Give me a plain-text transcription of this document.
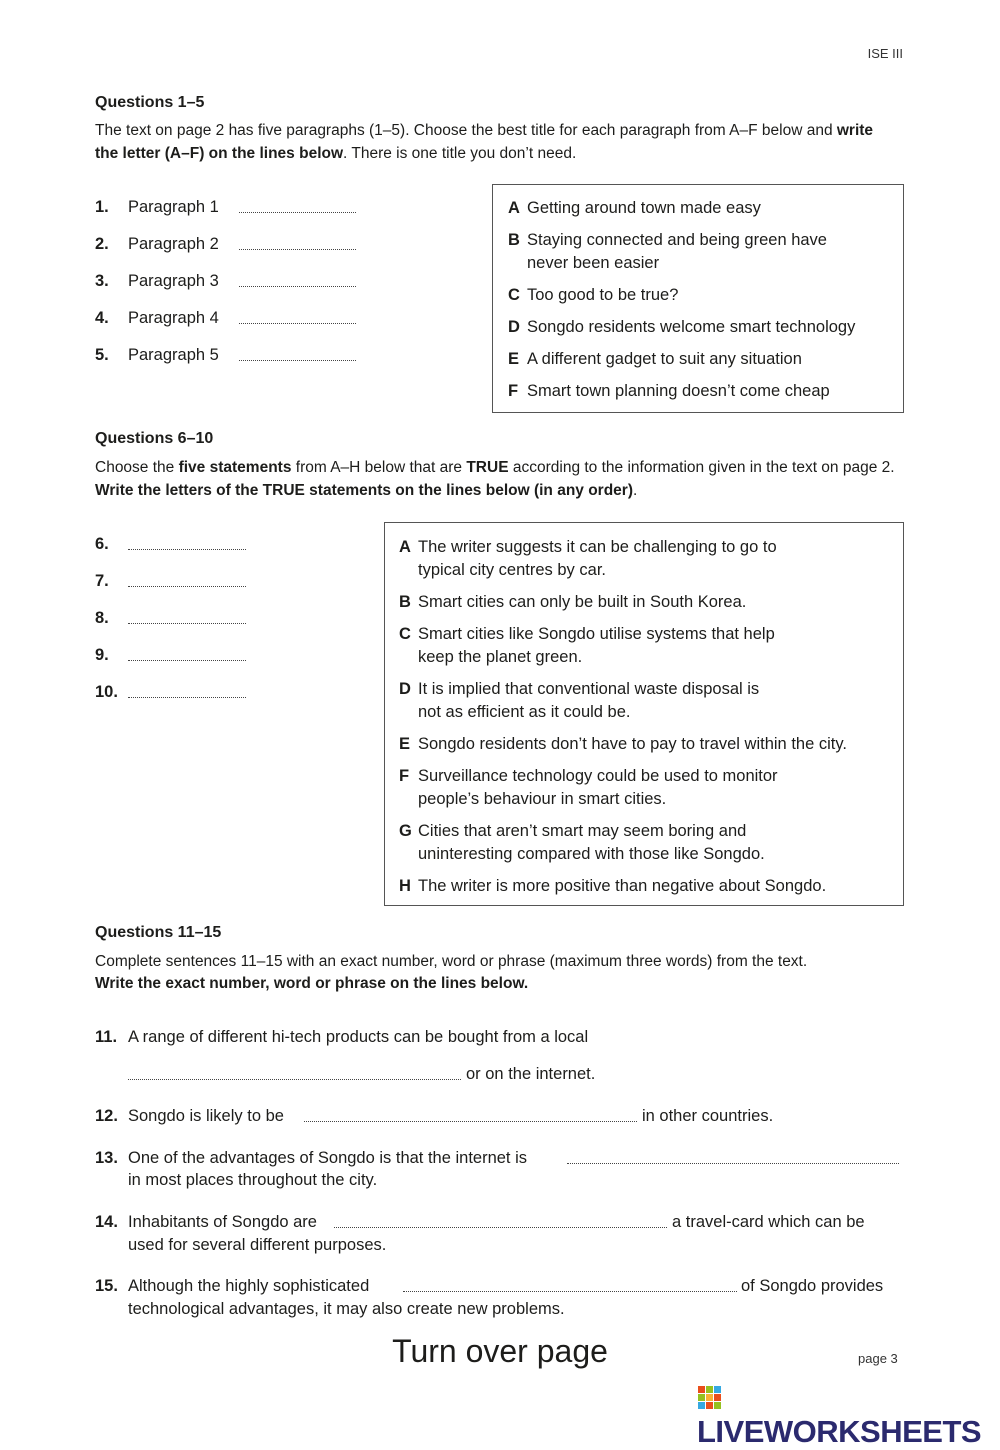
ISE III
Questions 1–5
The text on page 2 has five paragraphs (1–5). Choose the best title for each paragraph from A–F below and write the letter (A–F) on the lines below. There is one title you don’t need.
1. Paragraph 1
2. Paragraph 2
3. Paragraph 3
4. Paragraph 4
5. Paragraph 5
A Getting around town made easy
B Staying connected and being green have
never been easier
C Too good to be true?
D Songdo residents welcome smart technology
E A different gadget to suit any situation
F Smart town planning doesn’t come cheap
Questions 6–10
Choose the five statements from A–H below that are TRUE according to the information given in the text on page 2. Write the letters of the TRUE statements on the lines below (in any order).
6.
7.
8.
9.
10.
A The writer suggests it can be challenging to go to
typical city centres by car.
B Smart cities can only be built in South Korea.
C Smart cities like Songdo utilise systems that help
keep the planet green.
D It is implied that conventional waste disposal is
not as efficient as it could be.
E Songdo residents don’t have to pay to travel within the city.
F Surveillance technology could be used to monitor
people’s behaviour in smart cities.
G Cities that aren’t smart may seem boring and
uninteresting compared with those like Songdo.
H The writer is more positive than negative about Songdo.
Questions 11–15
Complete sentences 11–15 with an exact number, word or phrase (maximum three words) from the text.
Write the exact number, word or phrase on the lines below.
11. A range of different hi-tech products can be bought from a local
or on the internet.
12. Songdo is likely to be	in other countries.
13. One of the advantages of Songdo is that the internet is
in most places throughout the city.
14. Inhabitants of Songdo are	a travel-card which can be
used for several different purposes.
15. Although the highly sophisticated	of Songdo provides
technological advantages, it may also create new problems.
Turn over page	page 3
LIVEWORKSHEETS
